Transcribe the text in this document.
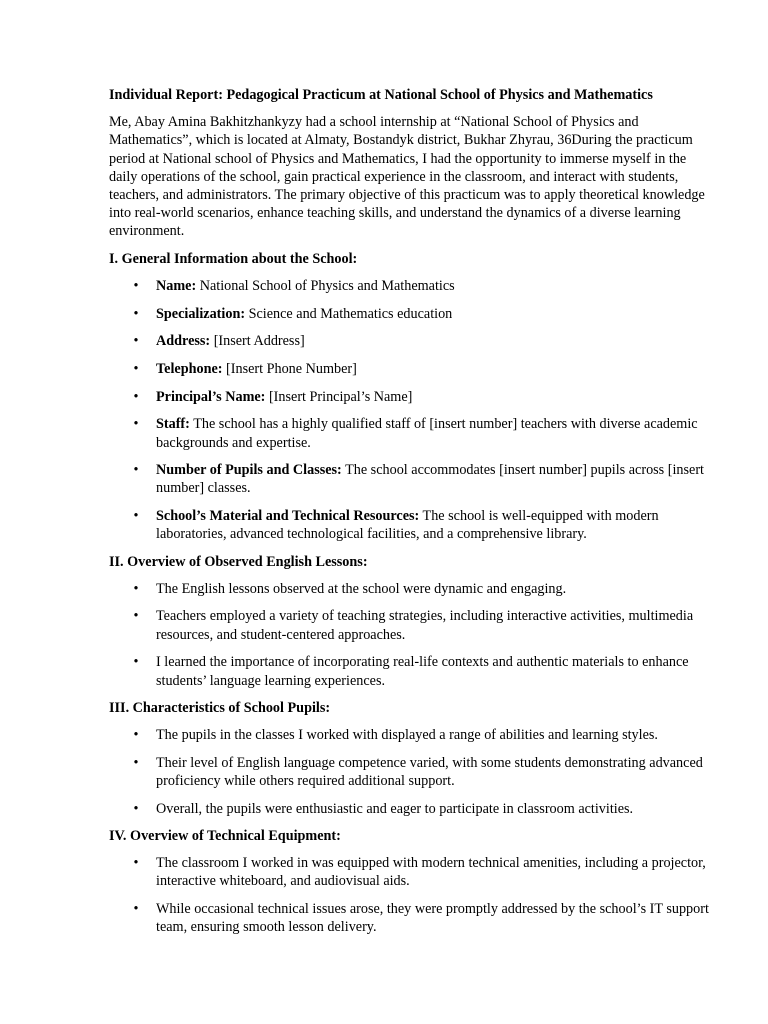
Individual Report: Pedagogical Practicum at National School of Physics and Mathematics
Me, Abay Amina Bakhitzhankyzy had a school internship at “National School of Physics and Mathematics”, which is located at Almaty, Bostandyk district, Bukhar Zhyrau, 36During the practicum period at National school of Physics and Mathematics, I had the opportunity to immerse myself in the daily operations of the school, gain practical experience in the classroom, and interact with students, teachers, and administrators. The primary objective of this practicum was to apply theoretical knowledge into real-world scenarios, enhance teaching skills, and understand the dynamics of a diverse learning environment.
I. General Information about the School:
• Name: National School of Physics and Mathematics
• Specialization: Science and Mathematics education
• Address: [Insert Address]
• Telephone: [Insert Phone Number]
• Principal’s Name: [Insert Principal’s Name]
• Staff: The school has a highly qualified staff of [insert number] teachers with diverse academic backgrounds and expertise.
• Number of Pupils and Classes: The school accommodates [insert number] pupils across [insert number] classes.
• School’s Material and Technical Resources: The school is well-equipped with modern laboratories, advanced technological facilities, and a comprehensive library.
II. Overview of Observed English Lessons:
• The English lessons observed at the school were dynamic and engaging.
• Teachers employed a variety of teaching strategies, including interactive activities, multimedia resources, and student-centered approaches.
• I learned the importance of incorporating real-life contexts and authentic materials to enhance students’ language learning experiences.
III. Characteristics of School Pupils:
• The pupils in the classes I worked with displayed a range of abilities and learning styles.
• Their level of English language competence varied, with some students demonstrating advanced proficiency while others required additional support.
• Overall, the pupils were enthusiastic and eager to participate in classroom activities.
IV. Overview of Technical Equipment:
• The classroom I worked in was equipped with modern technical amenities, including a projector, interactive whiteboard, and audiovisual aids.
• While occasional technical issues arose, they were promptly addressed by the school’s IT support team, ensuring smooth lesson delivery.
